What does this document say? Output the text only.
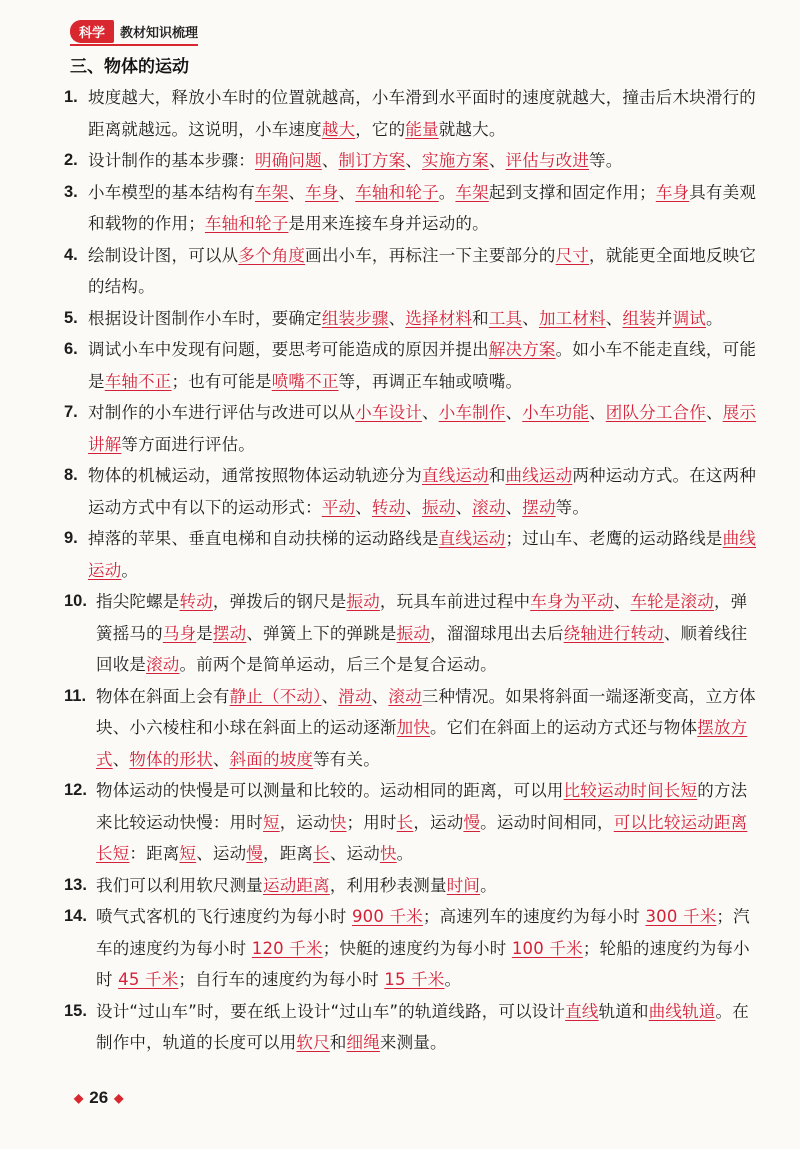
科学	教材知识梳理
三、物体的运动
1. 坡度越大，释放小车时的位置就越高，小车滑到水平面时的速度就越大，撞击后木块滑行的距离就越远。这说明，小车速度越大，它的能量就越大。
2. 设计制作的基本步骤：明确问题、制订方案、实施方案、评估与改进等。
3. 小车模型的基本结构有车架、车身、车轴和轮子。车架起到支撑和固定作用；车身具有美观和载物的作用；车轴和轮子是用来连接车身并运动的。
4. 绘制设计图，可以从多个角度画出小车，再标注一下主要部分的尺寸，就能更全面地反映它的结构。
5. 根据设计图制作小车时，要确定组装步骤、选择材料和工具、加工材料、组装并调试。
6. 调试小车中发现有问题，要思考可能造成的原因并提出解决方案。如小车不能走直线，可能是车轴不正；也有可能是喷嘴不正等，再调正车轴或喷嘴。
7. 对制作的小车进行评估与改进可以从小车设计、小车制作、小车功能、团队分工合作、展示讲解等方面进行评估。
8. 物体的机械运动，通常按照物体运动轨迹分为直线运动和曲线运动两种运动方式。在这两种运动方式中有以下的运动形式：平动、转动、振动、滚动、摆动等。
9. 掉落的苹果、垂直电梯和自动扶梯的运动路线是直线运动；过山车、老鹰的运动路线是曲线运动。
10. 指尖陀螺是转动，弹拨后的钢尺是振动，玩具车前进过程中车身为平动、车轮是滚动，弹簧摇马的马身是摆动、弹簧上下的弹跳是振动，溜溜球甩出去后绕轴进行转动、顺着线往回收是滚动。前两个是简单运动，后三个是复合运动。
11. 物体在斜面上会有静止（不动）、滑动、滚动三种情况。如果将斜面一端逐渐变高，立方体块、小六棱柱和小球在斜面上的运动逐渐加快。它们在斜面上的运动方式还与物体摆放方式、物体的形状、斜面的坡度等有关。
12. 物体运动的快慢是可以测量和比较的。运动相同的距离，可以用比较运动时间长短的方法来比较运动快慢：用时短，运动快；用时长，运动慢。运动时间相同，可以比较运动距离长短：距离短、运动慢，距离长、运动快。
13. 我们可以利用软尺测量运动距离，利用秒表测量时间。
14. 喷气式客机的飞行速度约为每小时 900 千米；高速列车的速度约为每小时 300 千米；汽车的速度约为每小时 120 千米；快艇的速度约为每小时 100 千米；轮船的速度约为每小时 45 千米；自行车的速度约为每小时 15 千米。
15. 设计“过山车”时，要在纸上设计“过山车”的轨道线路，可以设计直线轨道和曲线轨道。在制作中，轨道的长度可以用软尺和细绳来测量。
◆ 26 ◆
